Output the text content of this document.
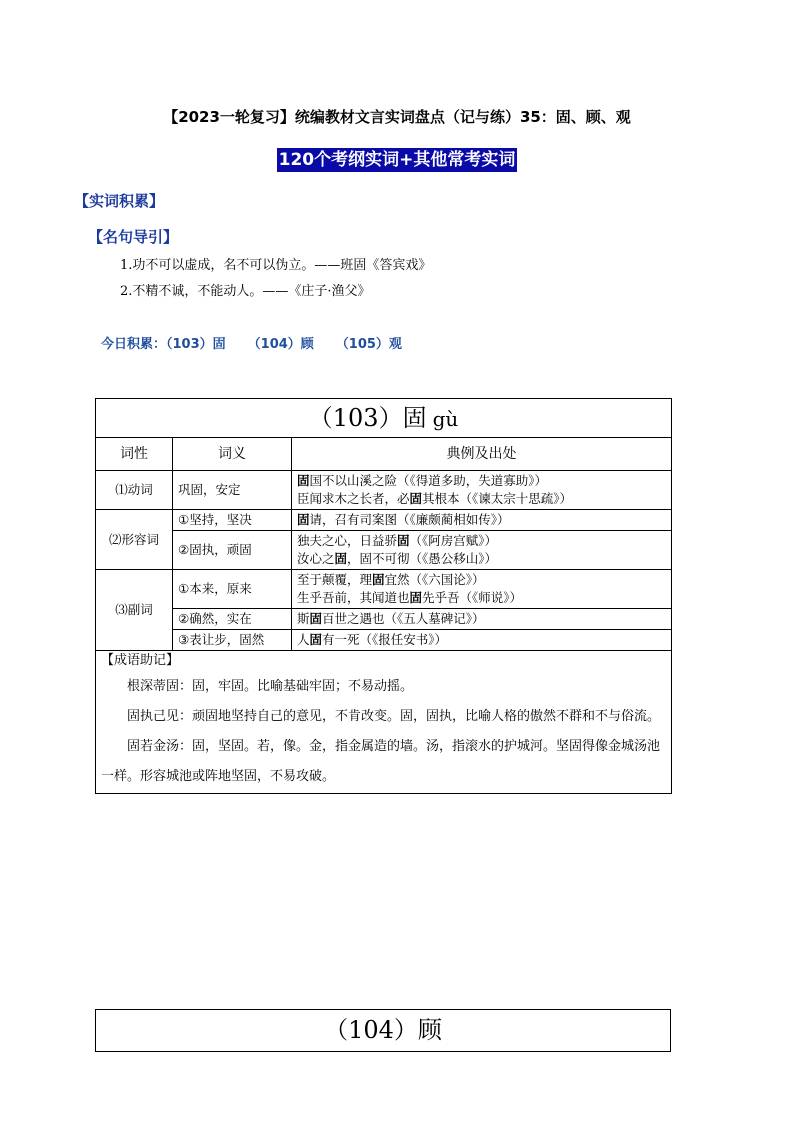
【2023一轮复习】统编教材文言实词盘点（记与练）35：固、顾、观
120个考纲实词+其他常考实词
【实词积累】
【名句导引】
1.功不可以虚成，名不可以伪立。——班固《答宾戏》
2.不精不诚，不能动人。——《庄子·渔父》
今日积累：（103）固 （104）顾 （105）观
（103）固 gù		
词性	词义	典例及出处
⑴动词	巩固，安定	固国不以山溪之险（《得道多助，失道寡助》）
臣闻求木之长者，必固其根本（《谏太宗十思疏》）

⑵形容词	①坚持，坚决	固请，召有司案图（《廉颇蔺相如传》）

	②固执，顽固	独夫之心，日益骄固（《阿房宫赋》）
汝心之固，固不可彻（《愚公移山》）

⑶副词	①本来，原来	至于颠覆，理固宜然（《六国论》）
生乎吾前，其闻道也固先乎吾（《师说》）

	②确然，实在	斯固百世之遇也（《五人墓碑记》）

	③表让步，固然	人固有一死（《报任安书》）

【成语助记】

根深蒂固：固，牢固。比喻基础牢固；不易动摇。

固执己见：顽固地坚持自己的意见，不肯改变。固，固执，比喻人格的傲然不群和不与俗流。

固若金汤：固，坚固。若，像。金，指金属造的墙。汤，指滚水的护城河。坚固得像金城汤池一样。形容城池或阵地坚固，不易攻破。		

（104）顾
